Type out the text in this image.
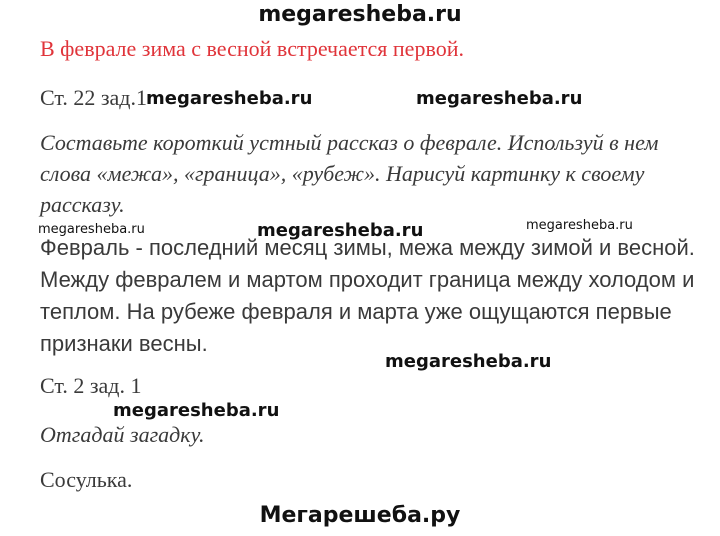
megaresheba.ru
В феврале зима с весной встречается первой.
Ст. 22 зад.1
Составьте короткий устный рассказ о феврале. Используй в нем
слова «межа», «граница», «рубеж». Нарисуй картинку к своему
рассказу.
Февраль - последний месяц зимы, межа между зимой и весной.
Между февралем и мартом проходит граница между холодом и
теплом. На рубеже февраля и марта уже ощущаются первые
признаки весны.
Ст. 2 зад. 1
Отгадай загадку.
Сосулька.
megaresheba.ru	megaresheba.ru
megaresheba.ru	megaresheba.ru	megaresheba.ru
megaresheba.ru
megaresheba.ru
Мегарешеба.ру
